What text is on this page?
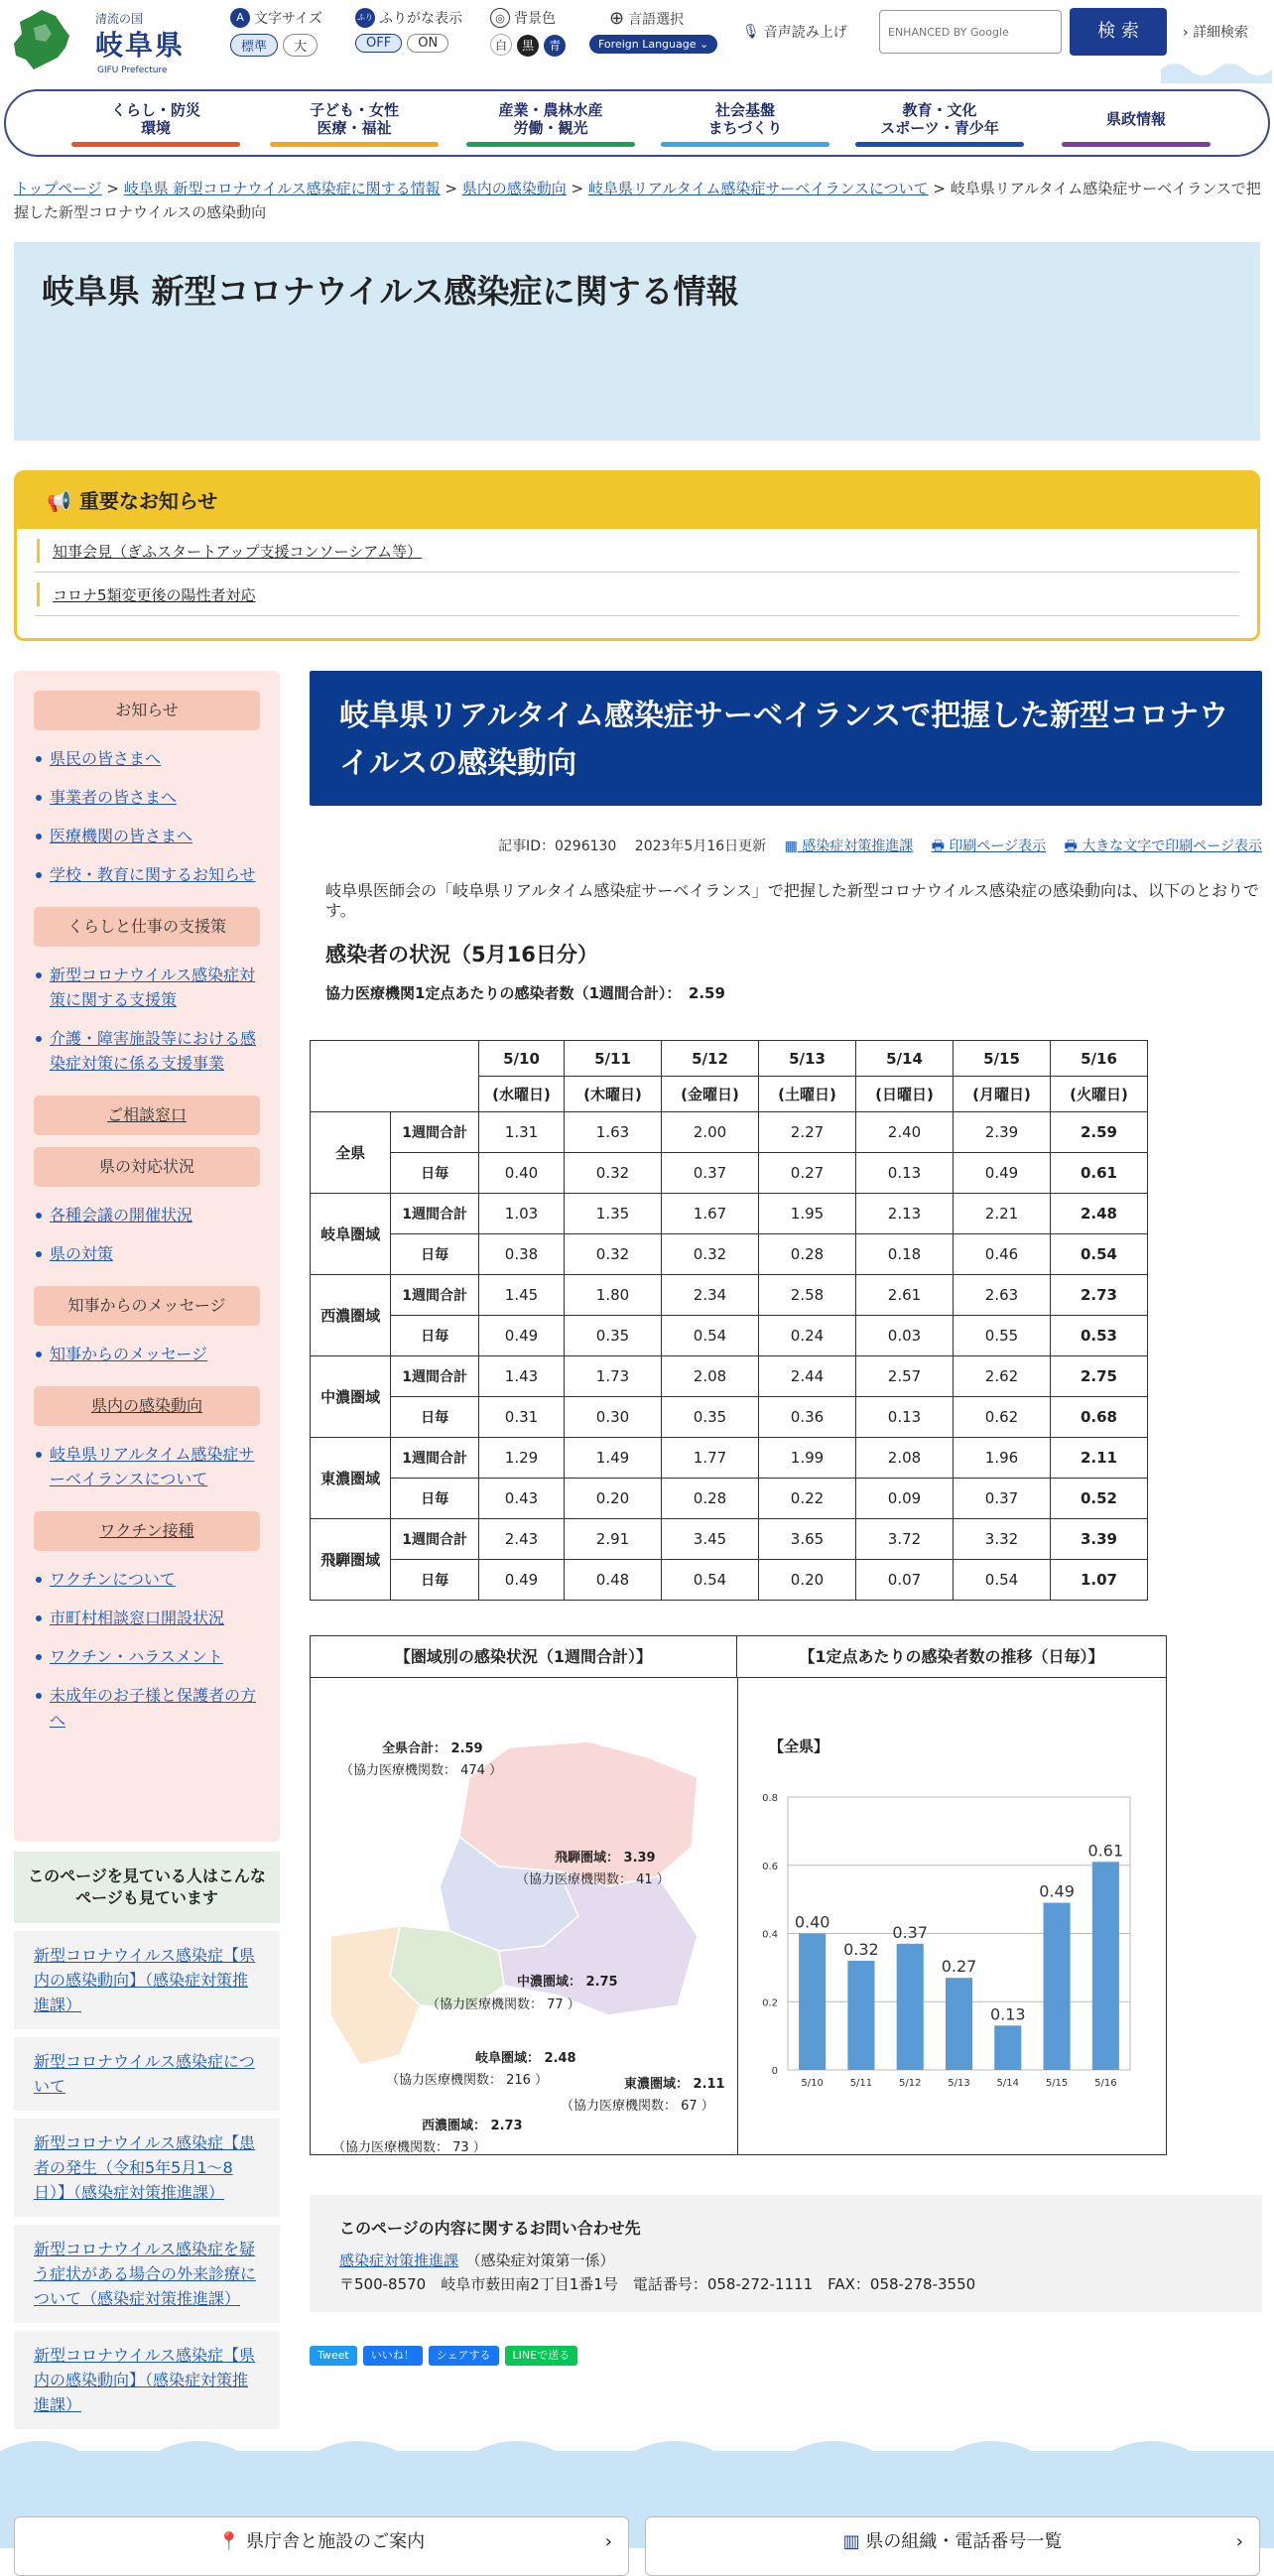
清流の国
岐阜県
GIFU Prefecture
A 文字サイズ
標準 大
ふり ふりがな表示
OFF ON
◎ 背景色
白 黒 青
⊕ 言語選択
Foreign Language ⌄
🎙 音声読み上げ
ENHANCED BY Google	検 索	› 詳細検索
くらし・防災
環境
子ども・女性
医療・福祉
産業・農林水産
労働・観光
社会基盤
まちづくり
教育・文化
スポーツ・青少年	県政情報
トップページ > 岐阜県 新型コロナウイルス感染症に関する情報 > 県内の感染動向 > 岐阜県リアルタイム感染症サーベイランスについて > 岐阜県リアルタイム感染症サーベイランスで把握した新型コロナウイルスの感染動向
岐阜県 新型コロナウイルス感染症に関する情報
📢 重要なお知らせ
知事会見（ぎふスタートアップ支援コンソーシアム等）
コロナ5類変更後の陽性者対応
お知らせ
県民の皆さまへ
事業者の皆さまへ
医療機関の皆さまへ
学校・教育に関するお知らせ
くらしと仕事の支援策
新型コロナウイルス感染症対策に関する支援策
介護・障害施設等における感染症対策に係る支援事業
ご相談窓口
県の対応状況
各種会議の開催状況
県の対策
知事からのメッセージ
知事からのメッセージ
県内の感染動向
岐阜県リアルタイム感染症サーベイランスについて
ワクチン接種
ワクチンについて
市町村相談窓口開設状況
ワクチン・ハラスメント
未成年のお子様と保護者の方へ
このページを見ている人はこんなページも見ています
新型コロナウイルス感染症【県内の感染動向】（感染症対策推進課）
新型コロナウイルス感染症について
新型コロナウイルス感染症【患者の発生（令和5年5月1～8日）】（感染症対策推進課）
新型コロナウイルス感染症を疑う症状がある場合の外来診療について（感染症対策推進課）
新型コロナウイルス感染症【県内の感染動向】（感染症対策推進課）
岐阜県リアルタイム感染症サーベイランスで把握した新型コロナウイルスの感染動向
記事ID：0296130　 2023年5月16日更新 ▦ 感染症対策推進課 🖶 印刷ページ表示 🖶 大きな文字で印刷ページ表示

岐阜県医師会の「岐阜県リアルタイム感染症サーベイランス」で把握した新型コロナウイルス感染症の感染動向は、以下のとおりです。

感染者の状況（5月16日分）

協力医療機関1定点あたりの感染者数（1週間合計）：　 2.59

		5/10	5/11	5/12	5/13	5/14	5/15	5/16
		(水曜日)	(木曜日)	(金曜日)	(土曜日)	(日曜日)	(月曜日)	(火曜日)
全県	1週間合計	1.31	1.63	2.00	2.27	2.40	2.39	2.59
	日毎	0.40	0.32	0.37	0.27	0.13	0.49	0.61
岐阜圏域	1週間合計	1.03	1.35	1.67	1.95	2.13	2.21	2.48
	日毎	0.38	0.32	0.32	0.28	0.18	0.46	0.54
西濃圏域	1週間合計	1.45	1.80	2.34	2.58	2.61	2.63	2.73
	日毎	0.49	0.35	0.54	0.24	0.03	0.55	0.53
中濃圏域	1週間合計	1.43	1.73	2.08	2.44	2.57	2.62	2.75
	日毎	0.31	0.30	0.35	0.36	0.13	0.62	0.68
東濃圏域	1週間合計	1.29	1.49	1.77	1.99	2.08	1.96	2.11
	日毎	0.43	0.20	0.28	0.22	0.09	0.37	0.52
飛騨圏域	1週間合計	2.43	2.91	3.45	3.65	3.72	3.32	3.39
	日毎	0.49	0.48	0.54	0.20	0.07	0.54	1.07
【圏域別の感染状況（1週間合計）】	【1定点あたりの感染者数の推移（日毎）】
【全県】
0
0.2
0.4
0.6
0.8
0.40
5/10
0.32
5/11
0.37
5/12
0.27
5/13
0.13
5/14
0.49
5/15
0.61
5/16
全県合計： 2.59
（協力医療機関数： 474 ）
飛騨圏域： 3.39
（協力医療機関数： 41 ）
中濃圏域： 2.75
（協力医療機関数： 77 ）
岐阜圏域： 2.48
（協力医療機関数： 216 ）	東濃圏域： 2.11
（協力医療機関数： 67 ）
西濃圏域： 2.73
（協力医療機関数： 73 ）
このページの内容に関するお問い合わせ先
感染症対策推進課　 （感染症対策第一係）
〒500-8570　岐阜市薮田南2丁目1番1号　電話番号：058-272-1111　FAX：058-278-3550
Tweet	いいね！	シェアする	LINEで送る
📍 県庁舎と施設のご案内	›	▥ 県の組織・電話番号一覧	›
